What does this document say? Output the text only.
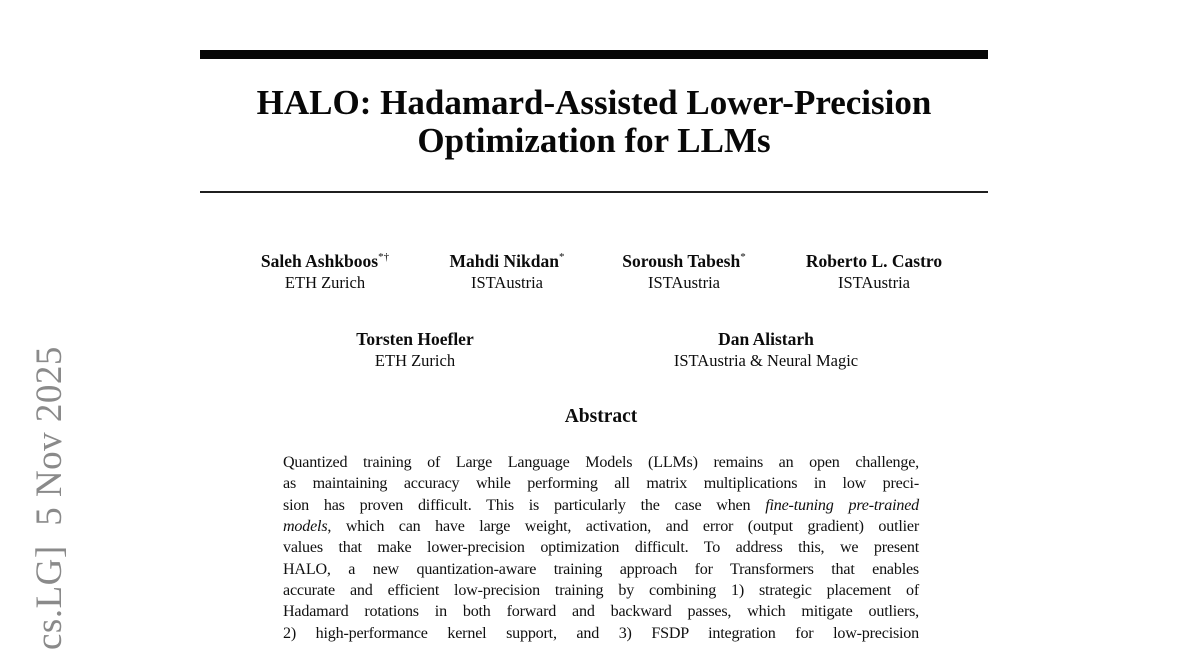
cs.LG]  5 Nov 2025
HALO: Hadamard-Assisted Lower-Precision
Optimization for LLMs
Saleh Ashkboos*†
ETH Zurich
Mahdi Nikdan*
ISTAustria
Soroush Tabesh*
ISTAustria
Roberto L. Castro
ISTAustria
Torsten Hoefler
ETH Zurich
Dan Alistarh
ISTAustria & Neural Magic
Abstract
Quantized training of Large Language Models (LLMs) remains an open challenge,
as maintaining accuracy while performing all matrix multiplications in low preci-
sion has proven difficult. This is particularly the case when fine-tuning pre-trained
models, which can have large weight, activation, and error (output gradient) outlier
values that make lower-precision optimization difficult. To address this, we present
HALO, a new quantization-aware training approach for Transformers that enables
accurate and efficient low-precision training by combining 1) strategic placement of
Hadamard rotations in both forward and backward passes, which mitigate outliers,
2) high-performance kernel support, and 3) FSDP integration for low-precision
